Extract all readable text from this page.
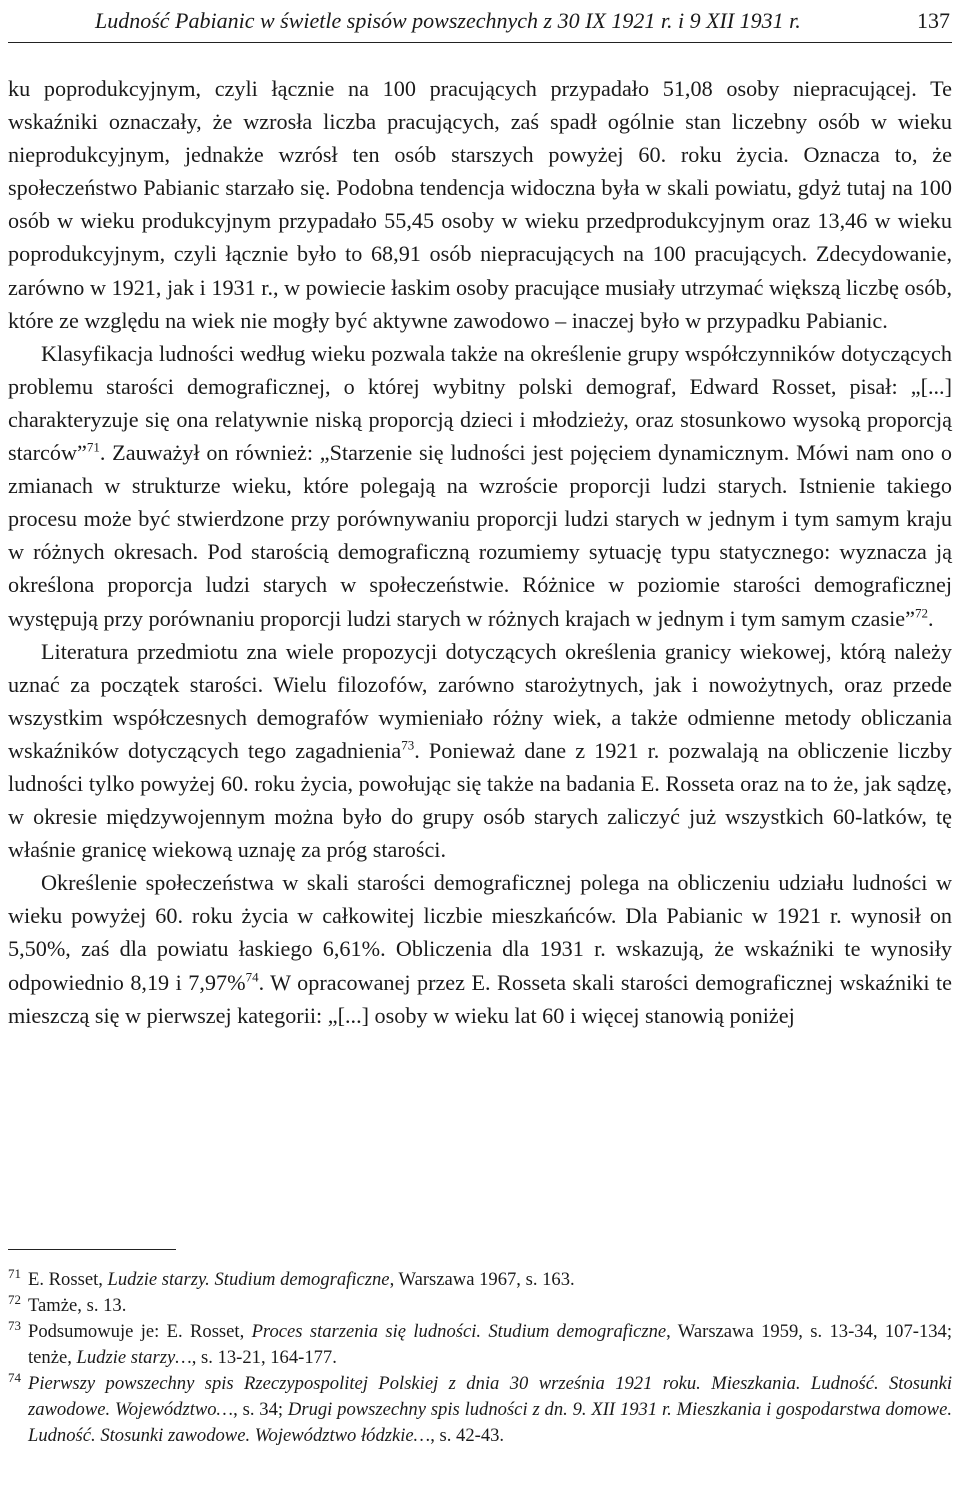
Ludność Pabianic w świetle spisów powszechnych z 30 IX 1921 r. i 9 XII 1931 r.	137

ku poprodukcyjnym, czyli łącznie na 100 pracujących przypadało 51,08 osoby niepracującej. Te wskaźniki oznaczały, że wzrosła liczba pracujących, zaś spadł ogólnie stan liczebny osób w wieku nieprodukcyjnym, jednakże wzrósł ten osób starszych powyżej 60. roku życia. Oznacza to, że społeczeństwo Pabianic starzało się. Podobna tendencja widoczna była w skali powiatu, gdyż tutaj na 100 osób w wieku produkcyjnym przypadało 55,45 osoby w wieku przedprodukcyjnym oraz 13,46 w wieku poprodukcyjnym, czyli łącznie było to 68,91 osób niepracujących na 100 pracujących. Zdecydowanie, zarówno w 1921, jak i 1931 r., w powiecie łaskim osoby pracujące musiały utrzymać większą liczbę osób, które ze względu na wiek nie mogły być aktywne zawodowo – inaczej było w przypadku Pabianic.

Klasyfikacja ludności według wieku pozwala także na określenie grupy współczynników dotyczących problemu starości demograficznej, o której wybitny polski demograf, Edward Rosset, pisał: „[...] charakteryzuje się ona relatywnie niską proporcją dzieci i młodzieży, oraz stosunkowo wysoką proporcją starców”$^{71}$. Zauważył on również: „Starzenie się ludności jest pojęciem dynamicznym. Mówi nam ono o zmianach w strukturze wieku, które polegają na wzroście proporcji ludzi starych. Istnienie takiego procesu może być stwierdzone przy porównywaniu proporcji ludzi starych w jednym i tym samym kraju w różnych okresach. Pod starością demograficzną rozumiemy sytuację typu statycznego: wyznacza ją określona proporcja ludzi starych w społeczeństwie. Różnice w poziomie starości demograficznej występują przy porównaniu proporcji ludzi starych w różnych krajach w jednym i tym samym czasie”$^{72}$.

Literatura przedmiotu zna wiele propozycji dotyczących określenia granicy wiekowej, którą należy uznać za początek starości. Wielu filozofów, zarówno starożytnych, jak i nowożytnych, oraz przede wszystkim współczesnych demografów wymieniało różny wiek, a także odmienne metody obliczania wskaźników dotyczących tego zagadnienia$^{73}$. Ponieważ dane z 1921 r. pozwalają na obliczenie liczby ludności tylko powyżej 60. roku życia, powołując się także na badania E. Rosseta oraz na to że, jak sądzę, w okresie międzywojennym można było do grupy osób starych zaliczyć już wszystkich 60-latków, tę właśnie granicę wiekową uznaję za próg starości.

Określenie społeczeństwa w skali starości demograficznej polega na obliczeniu udziału ludności w wieku powyżej 60. roku życia w całkowitej liczbie mieszkańców. Dla Pabianic w 1921 r. wynosił on 5,50%, zaś dla powiatu łaskiego 6,61%. Obliczenia dla 1931 r. wskazują, że wskaźniki te wynosiły odpowiednio 8,19 i 7,97%$^{74}$. W opracowanej przez E. Rosseta skali starości demograficznej wskaźniki te mieszczą się w pierwszej kategorii: „[...] osoby w wieku lat 60 i więcej stanowią poniżej

71 E. Rosset, Ludzie starzy. Studium demograficzne, Warszawa 1967, s. 163.

72 Tamże, s. 13.

73 Podsumowuje je: E. Rosset, Proces starzenia się ludności. Studium demograficzne, Warszawa 1959, s. 13-34, 107-134; tenże, Ludzie starzy…, s. 13-21, 164-177.

74 Pierwszy powszechny spis Rzeczypospolitej Polskiej z dnia 30 września 1921 roku. Mieszkania. Ludność. Stosunki zawodowe. Województwo…, s. 34; Drugi powszechny spis ludności z dn. 9. XII 1931 r. Mieszkania i gospodarstwa domowe. Ludność. Stosunki zawodowe. Województwo łódzkie…, s. 42-43.
